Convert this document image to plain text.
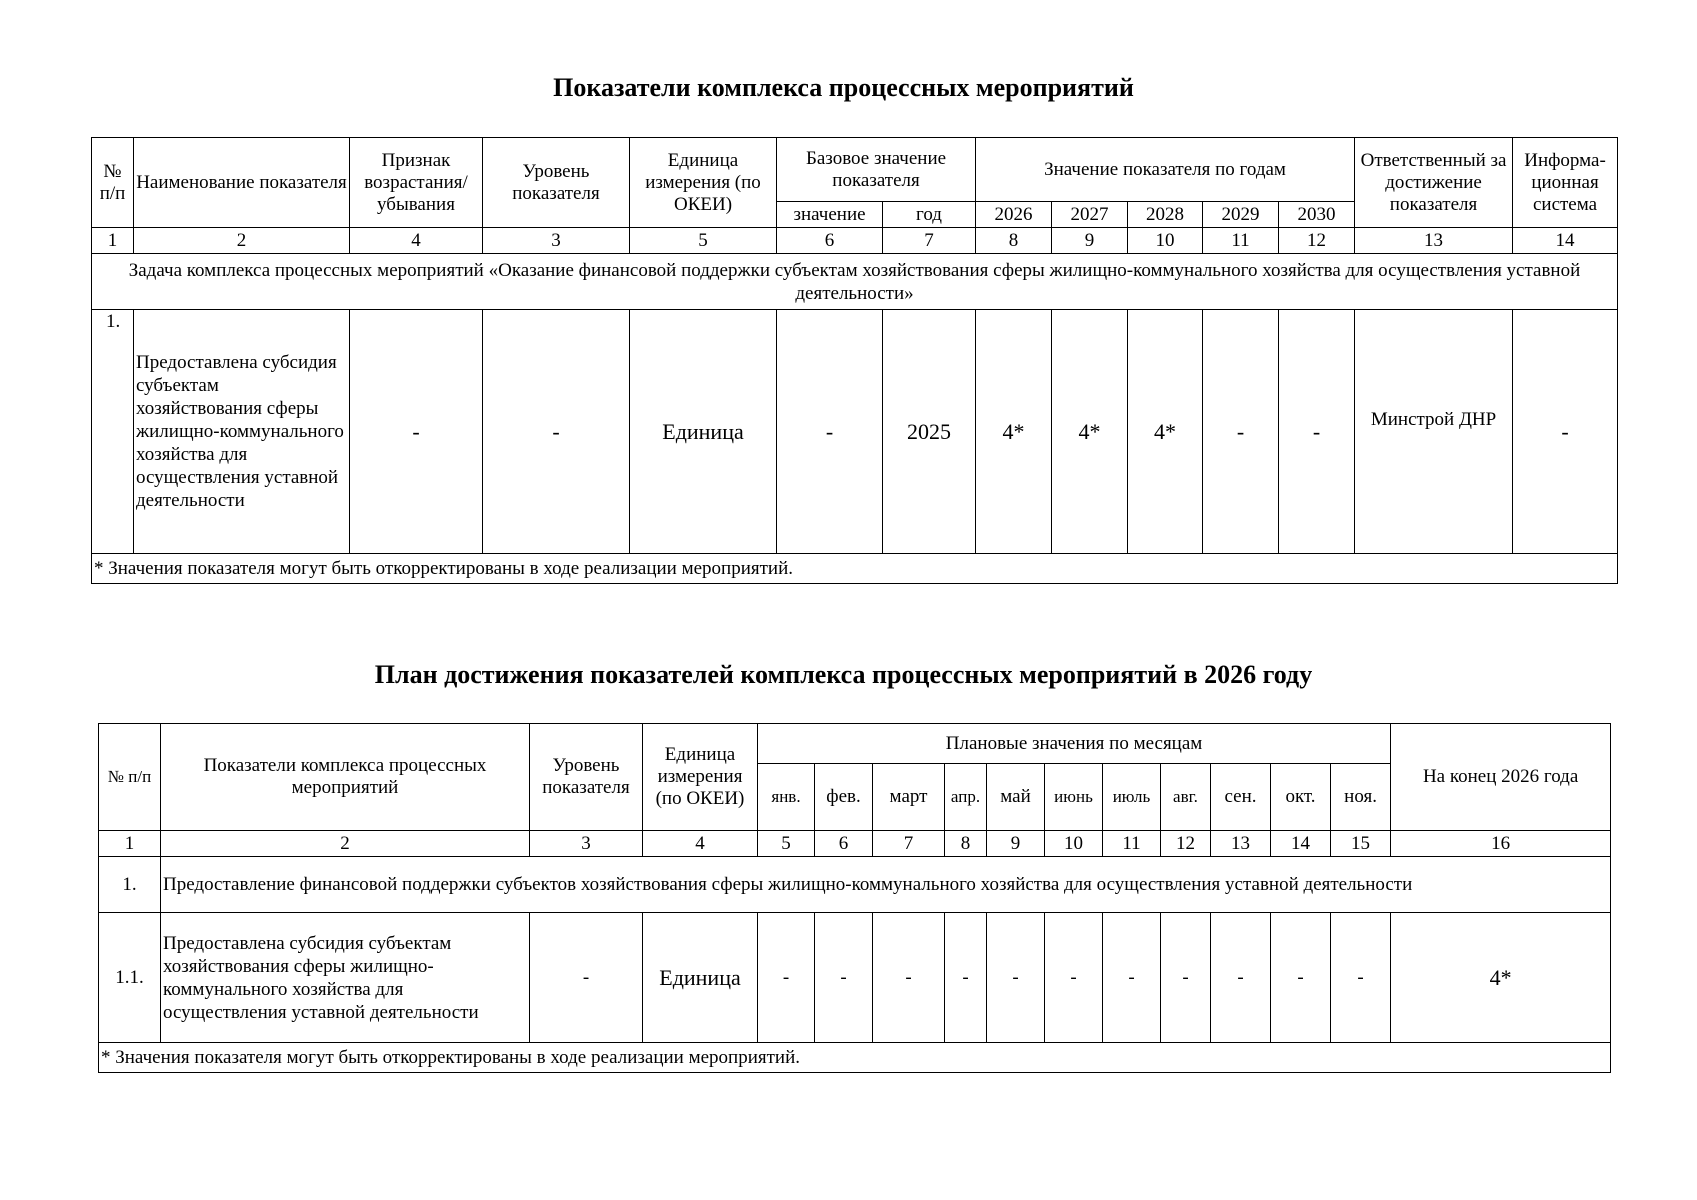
Показатели комплекса процессных мероприятий
№ п/п	Наименование показателя	Признак возрастания/ убывания	Уровень показателя	Единица измерения (по ОКЕИ)	Базовое значение показателя		Значение показателя по годам					Ответственный за достижение показателя	Информа-ционная система
					значение	год	2026	2027	2028	2029	2030		
1	2	4	3	5	6	7	8	9	10	11	12	13	14
Задача комплекса процессных мероприятий «Оказание финансовой поддержки субъектам хозяйствования сферы жилищно-коммунального хозяйства для осуществления уставной деятельности»													
1.	Предоставлена субсидия субъектам хозяйствования сферы жилищно-коммунального хозяйства для осуществления уставной деятельности	-	-	Единица	-	2025	4*	4*	4*	-	-	Минстрой ДНР	-
* Значения показателя могут быть откорректированы в ходе реализации мероприятий.													
План достижения показателей комплекса процессных мероприятий в 2026 году
№ п/п	Показатели комплекса процессных мероприятий	Уровень показателя	Единица измерения (по ОКЕИ)	Плановые значения по месяцам											На конец 2026 года
				янв.	фев.	март	апр.	май	июнь	июль	авг.	сен.	окт.	ноя.	
1	2	3	4	5	6	7	8	9	10	11	12	13	14	15	16
1.	Предоставление финансовой поддержки субъектов хозяйствования сферы жилищно-коммунального хозяйства для осуществления уставной деятельности														
1.1.	Предоставлена субсидия субъектам хозяйствования сферы жилищно-коммунального хозяйства для осуществления уставной деятельности	-	Единица	-	-	-	-	-	-	-	-	-	-	-	4*
* Значения показателя могут быть откорректированы в ходе реализации мероприятий.															
